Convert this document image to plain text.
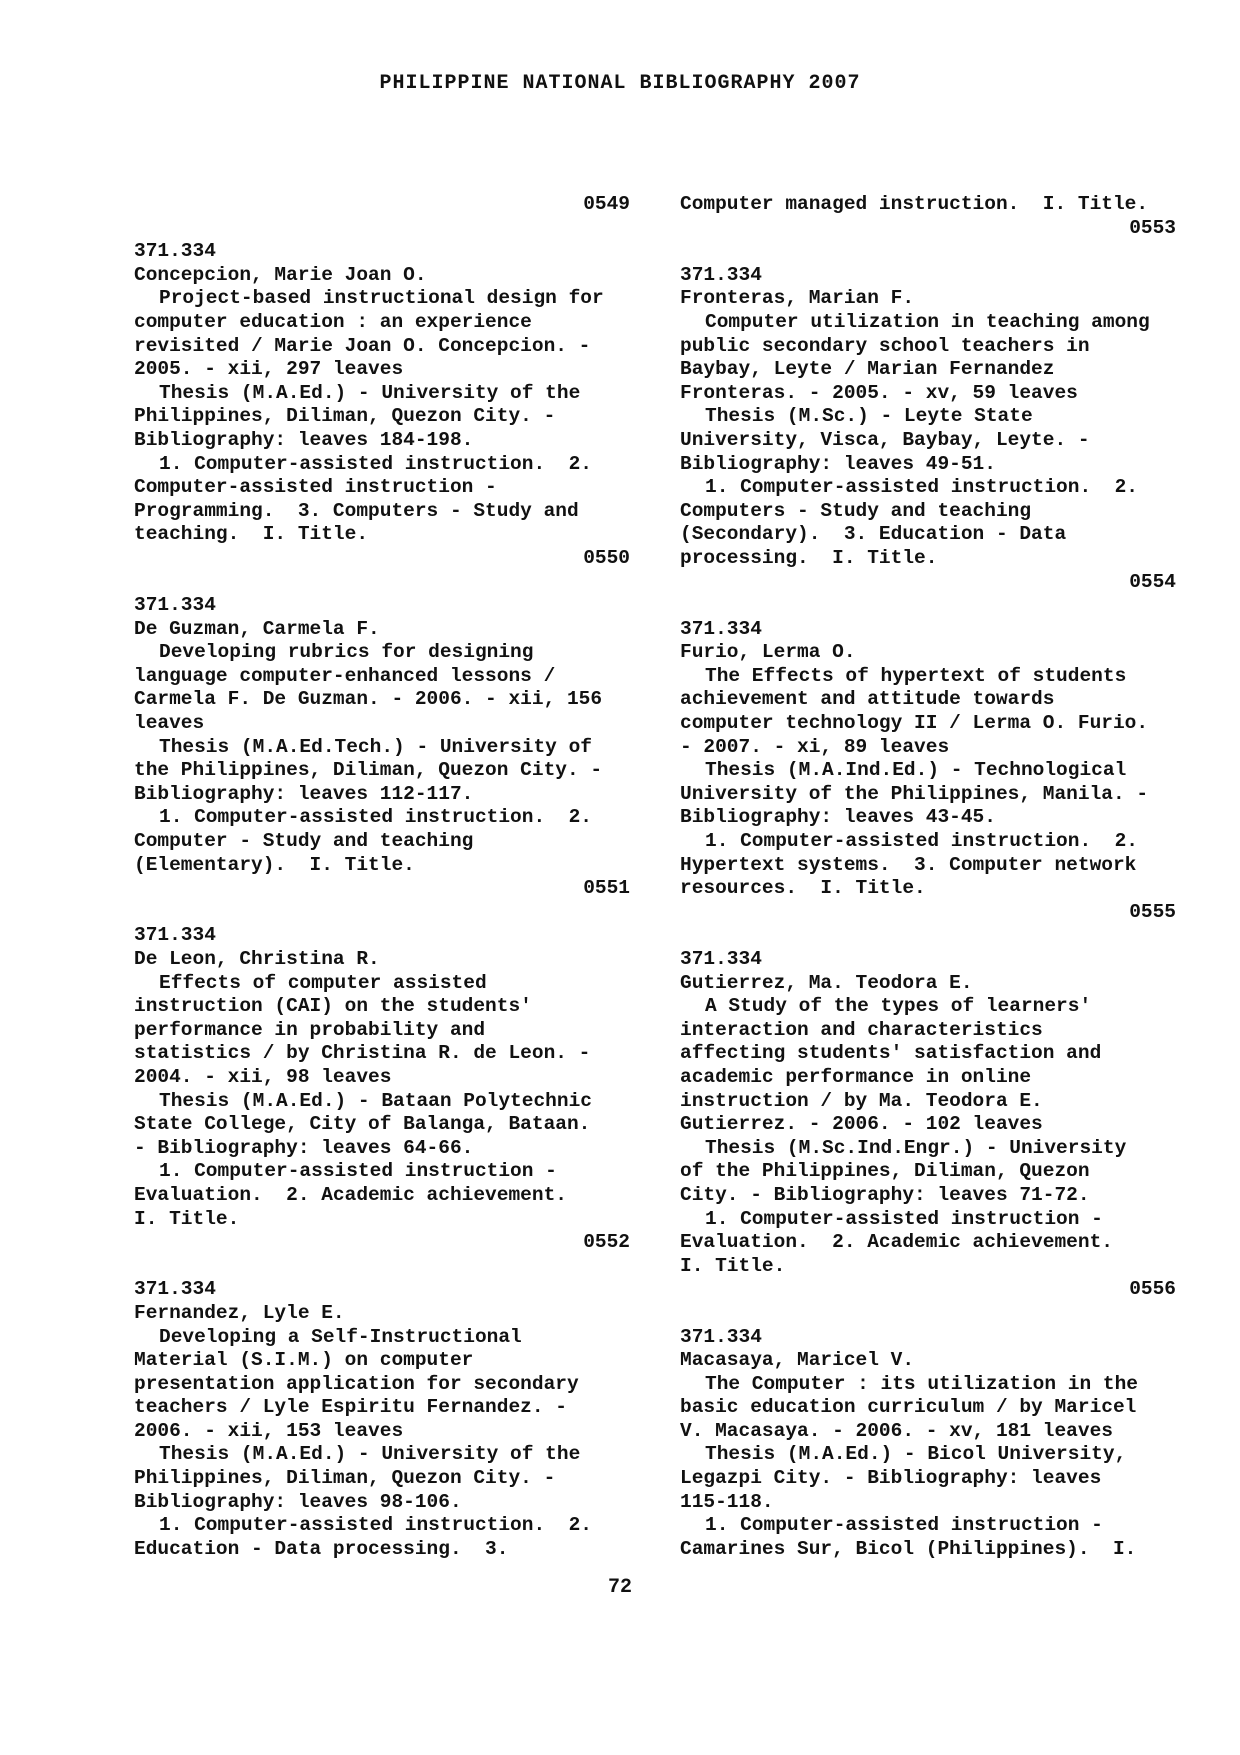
PHILIPPINE NATIONAL BIBLIOGRAPHY 2007
0549
371.334
Concepcion, Marie Joan O.
Project-based instructional design for
computer education : an experience
revisited / Marie Joan O. Concepcion. -
2005. - xii, 297 leaves
Thesis (M.A.Ed.) - University of the
Philippines, Diliman, Quezon City. -
Bibliography: leaves 184-198.
1. Computer-assisted instruction.  2.
Computer-assisted instruction -
Programming.  3. Computers - Study and
teaching.  I. Title.
0550
371.334
De Guzman, Carmela F.
Developing rubrics for designing
language computer-enhanced lessons /
Carmela F. De Guzman. - 2006. - xii, 156
leaves
Thesis (M.A.Ed.Tech.) - University of
the Philippines, Diliman, Quezon City. -
Bibliography: leaves 112-117.
1. Computer-assisted instruction.  2.
Computer - Study and teaching
(Elementary).  I. Title.
0551
371.334
De Leon, Christina R.
Effects of computer assisted
instruction (CAI) on the students'
performance in probability and
statistics / by Christina R. de Leon. -
2004. - xii, 98 leaves
Thesis (M.A.Ed.) - Bataan Polytechnic
State College, City of Balanga, Bataan.
- Bibliography: leaves 64-66.
1. Computer-assisted instruction -
Evaluation.  2. Academic achievement.
I. Title.
0552
371.334
Fernandez, Lyle E.
Developing a Self-Instructional
Material (S.I.M.) on computer
presentation application for secondary
teachers / Lyle Espiritu Fernandez. -
2006. - xii, 153 leaves
Thesis (M.A.Ed.) - University of the
Philippines, Diliman, Quezon City. -
Bibliography: leaves 98-106.
1. Computer-assisted instruction.  2.
Education - Data processing.  3.
Computer managed instruction.  I. Title.
0553
371.334
Fronteras, Marian F.
Computer utilization in teaching among
public secondary school teachers in
Baybay, Leyte / Marian Fernandez
Fronteras. - 2005. - xv, 59 leaves
Thesis (M.Sc.) - Leyte State
University, Visca, Baybay, Leyte. -
Bibliography: leaves 49-51.
1. Computer-assisted instruction.  2.
Computers - Study and teaching
(Secondary).  3. Education - Data
processing.  I. Title.
0554
371.334
Furio, Lerma O.
The Effects of hypertext of students
achievement and attitude towards
computer technology II / Lerma O. Furio.
- 2007. - xi, 89 leaves
Thesis (M.A.Ind.Ed.) - Technological
University of the Philippines, Manila. -
Bibliography: leaves 43-45.
1. Computer-assisted instruction.  2.
Hypertext systems.  3. Computer network
resources.  I. Title.
0555
371.334
Gutierrez, Ma. Teodora E.
A Study of the types of learners'
interaction and characteristics
affecting students' satisfaction and
academic performance in online
instruction / by Ma. Teodora E.
Gutierrez. - 2006. - 102 leaves
Thesis (M.Sc.Ind.Engr.) - University
of the Philippines, Diliman, Quezon
City. - Bibliography: leaves 71-72.
1. Computer-assisted instruction -
Evaluation.  2. Academic achievement.
I. Title.
0556
371.334
Macasaya, Maricel V.
The Computer : its utilization in the
basic education curriculum / by Maricel
V. Macasaya. - 2006. - xv, 181 leaves
Thesis (M.A.Ed.) - Bicol University,
Legazpi City. - Bibliography: leaves
115-118.
1. Computer-assisted instruction -
Camarines Sur, Bicol (Philippines).  I.
72
